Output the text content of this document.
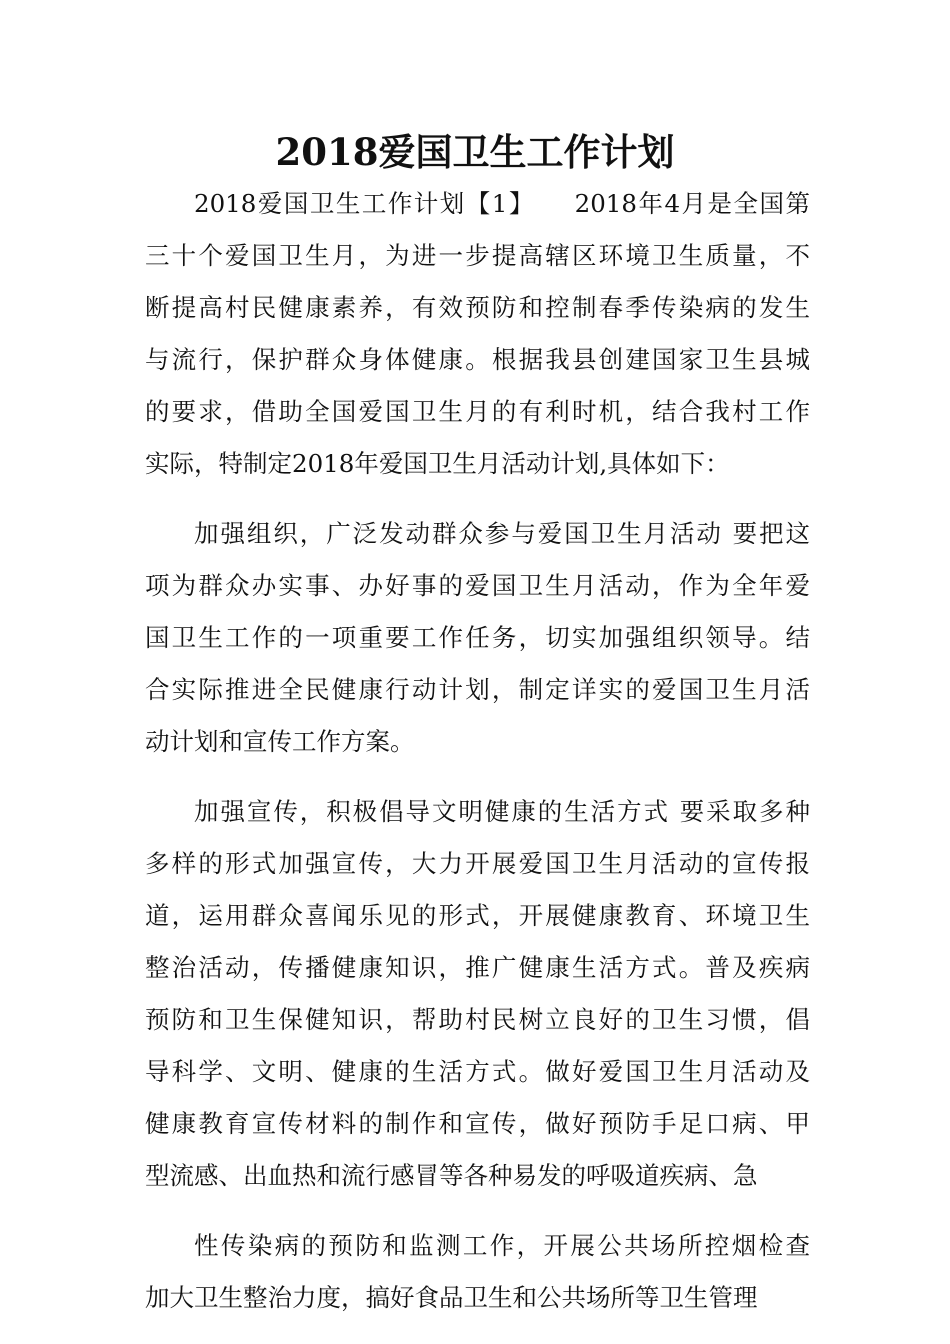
2018爱国卫生工作计划
2018爱国卫生工作计划【1】　　2018年4月是全国第
三十个爱国卫生月，为进一步提高辖区环境卫生质量，不
断提高村民健康素养，有效预防和控制春季传染病的发生
与流行，保护群众身体健康。根据我县创建国家卫生县城
的要求，借助全国爱国卫生月的有利时机，结合我村工作
实际，特制定2018年爱国卫生月活动计划,具体如下：
加强组织，广泛发动群众参与爱国卫生月活动 要把这
项为群众办实事、办好事的爱国卫生月活动，作为全年爱
国卫生工作的一项重要工作任务，切实加强组织领导。结
合实际推进全民健康行动计划，制定详实的爱国卫生月活
动计划和宣传工作方案。
加强宣传，积极倡导文明健康的生活方式 要采取多种
多样的形式加强宣传，大力开展爱国卫生月活动的宣传报
道，运用群众喜闻乐见的形式，开展健康教育、环境卫生
整治活动，传播健康知识，推广健康生活方式。普及疾病
预防和卫生保健知识，帮助村民树立良好的卫生习惯，倡
导科学、文明、健康的生活方式。做好爱国卫生月活动及
健康教育宣传材料的制作和宣传，做好预防手足口病、甲
型流感、出血热和流行感冒等各种易发的呼吸道疾病、急
性传染病的预防和监测工作，开展公共场所控烟检查
加大卫生整治力度，搞好食品卫生和公共场所等卫生管理
